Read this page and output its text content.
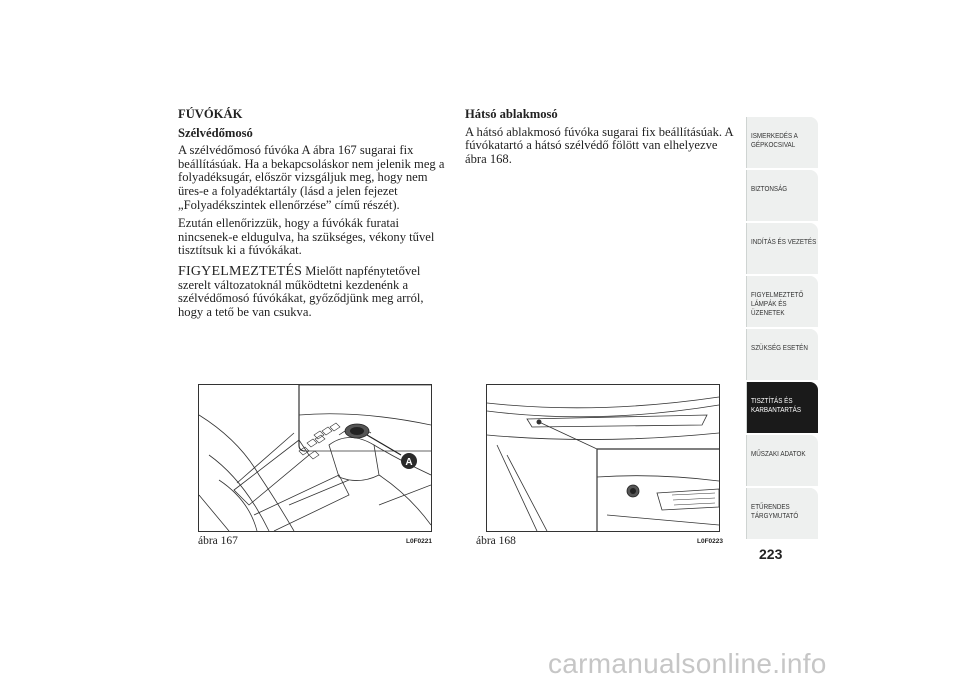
FÚVÓKÁK
Szélvédőmosó
A szélvédőmosó fúvóka A ábra 167 sugarai fix beállításúak. Ha a bekapcsoláskor nem jelenik meg a folyadéksugár, először vizsgáljuk meg, hogy nem üres-e a folyadéktartály (lásd a jelen fejezet „Folyadékszintek ellenőrzése” című részét).
Ezután ellenőrizzük, hogy a fúvókák furatai nincsenek-e eldugulva, ha szükséges, vékony tűvel tisztítsuk ki a fúvókákat.
FIGYELMEZTETÉS Mielőtt napfénytetővel szerelt változatoknál működtetni kezdenénk a szélvédőmosó fúvókákat, győződjünk meg arról, hogy a tető be van csukva.
Hátsó ablakmosó
A hátsó ablakmosó fúvóka sugarai fix beállításúak. A fúvókatartó a hátsó szélvédő fölött van elhelyezve ábra 168.
A
ábra 167	L0F0221	ábra 168	L0F0223
ISMERKEDÉS A GÉPKOCSIVAL
BIZTONSÁG
INDÍTÁS ÉS VEZETÉS
FIGYELMEZTETŐ LÁMPÁK ÉS ÜZENETEK
SZÜKSÉG ESETÉN
TISZTÍTÁS ÉS KARBANTARTÁS
MŰSZAKI ADATOK
ETŰRENDES TÁRGYMUTATÓ
223
carmanualsonline.info
